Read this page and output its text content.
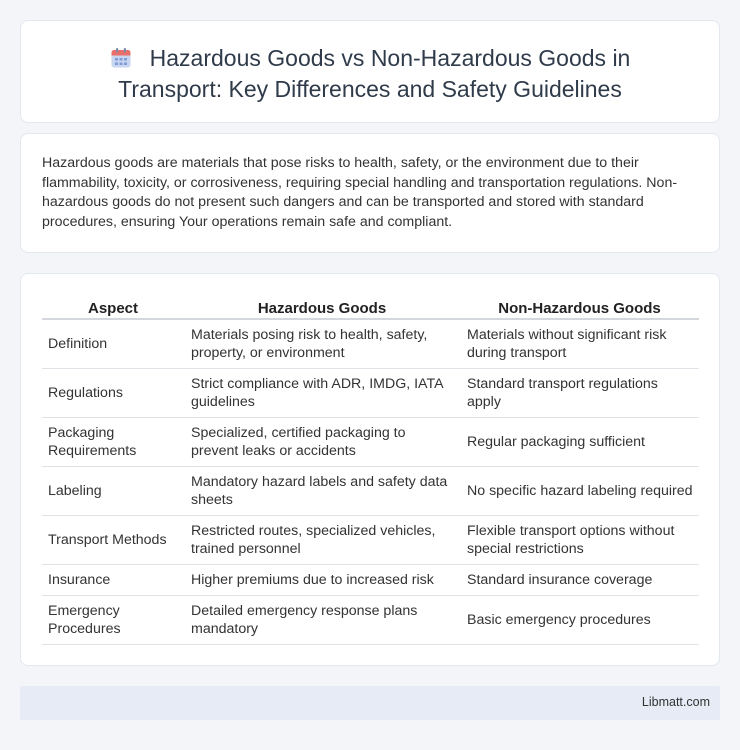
Hazardous Goods vs Non-Hazardous Goods in
Transport: Key Differences and Safety Guidelines

Hazardous goods are materials that pose risks to health, safety, or the environment due to their flammability, toxicity, or corrosiveness, requiring special handling and transportation regulations. Non-hazardous goods do not present such dangers and can be transported and stored with standard procedures, ensuring Your operations remain safe and compliant.

Aspect	Hazardous Goods	Non-Hazardous Goods
Definition	Materials posing risk to health, safety, property, or environment	Materials without significant risk during transport
Regulations	Strict compliance with ADR, IMDG, IATA guidelines	Standard transport regulations apply
Packaging Requirements	Specialized, certified packaging to prevent leaks or accidents	Regular packaging sufficient
Labeling	Mandatory hazard labels and safety data sheets	No specific hazard labeling required
Transport Methods	Restricted routes, specialized vehicles, trained personnel	Flexible transport options without special restrictions
Insurance	Higher premiums due to increased risk	Standard insurance coverage
Emergency Procedures	Detailed emergency response plans mandatory	Basic emergency procedures
Libmatt.com
